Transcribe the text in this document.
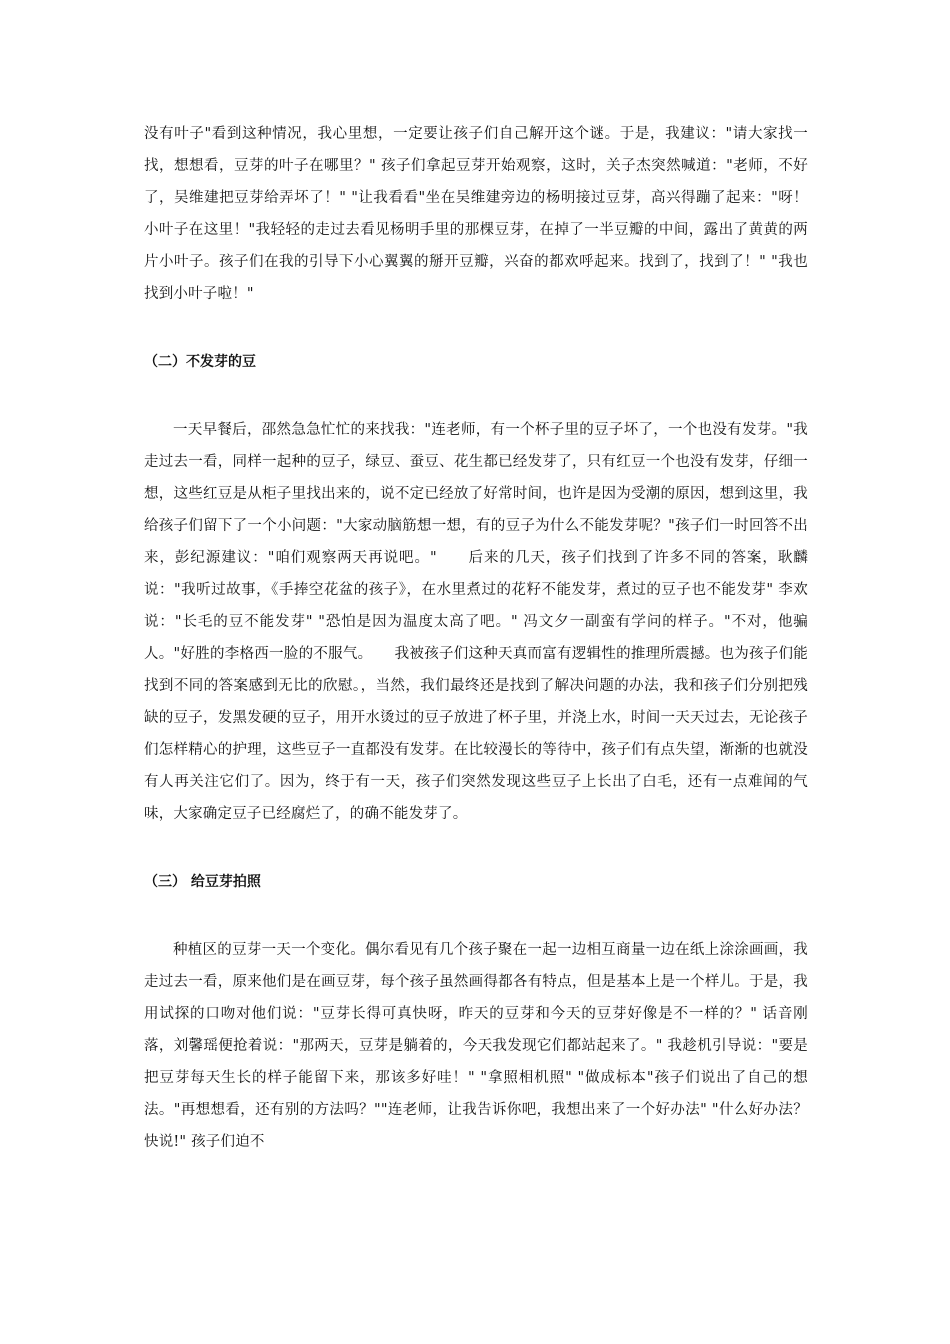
没有叶子"看到这种情况，我心里想，一定要让孩子们自己解开这个谜。于是，我建议："请大家找一找，想想看，豆芽的叶子在哪里？" 孩子们拿起豆芽开始观察，这时，关子杰突然喊道："老师，不好了，吴维建把豆芽给弄坏了！" "让我看看"坐在吴维建旁边的杨明接过豆芽，高兴得蹦了起来："呀！小叶子在这里！"我轻轻的走过去看见杨明手里的那棵豆芽，在掉了一半豆瓣的中间，露出了黄黄的两片小叶子。孩子们在我的引导下小心翼翼的掰开豆瓣，兴奋的都欢呼起来。找到了，找到了！" "我也找到小叶子啦！"

（二）不发芽的豆

一天早餐后，邵然急急忙忙的来找我："连老师，有一个杯子里的豆子坏了，一个也没有发芽。"我走过去一看，同样一起种的豆子，绿豆、蚕豆、花生都已经发芽了，只有红豆一个也没有发芽，仔细一想，这些红豆是从柜子里找出来的，说不定已经放了好常时间，也许是因为受潮的原因，想到这里，我给孩子们留下了一个小问题："大家动脑筋想一想，有的豆子为什么不能发芽呢？"孩子们一时回答不出来，彭纪源建议："咱们观察两天再说吧。"　　后来的几天，孩子们找到了许多不同的答案，耿麟说："我听过故事，《手捧空花盆的孩子》，在水里煮过的花籽不能发芽，煮过的豆子也不能发芽" 李欢说："长毛的豆不能发芽" "恐怕是因为温度太高了吧。" 冯文夕一副蛮有学问的样子。"不对，他骗人。"好胜的李格西一脸的不服气。　　我被孩子们这种天真而富有逻辑性的推理所震撼。也为孩子们能找到不同的答案感到无比的欣慰。，当然，我们最终还是找到了解决问题的办法，我和孩子们分别把残缺的豆子，发黑发硬的豆子，用开水烫过的豆子放进了杯子里，并浇上水，时间一天天过去，无论孩子们怎样精心的护理，这些豆子一直都没有发芽。在比较漫长的等待中，孩子们有点失望，渐渐的也就没有人再关注它们了。因为，终于有一天，孩子们突然发现这些豆子上长出了白毛，还有一点难闻的气味，大家确定豆子已经腐烂了，的确不能发芽了。

（三） 给豆芽拍照

种植区的豆芽一天一个变化。偶尔看见有几个孩子聚在一起一边相互商量一边在纸上涂涂画画，我走过去一看，原来他们是在画豆芽，每个孩子虽然画得都各有特点，但是基本上是一个样儿。于是，我用试探的口吻对他们说："豆芽长得可真快呀，昨天的豆芽和今天的豆芽好像是不一样的？" 话音刚落，刘馨瑶便抢着说："那两天，豆芽是躺着的，今天我发现它们都站起来了。" 我趁机引导说："要是把豆芽每天生长的样子能留下来，那该多好哇！" "拿照相机照" "做成标本"孩子们说出了自己的想法。"再想想看，还有别的方法吗？""连老师，让我告诉你吧，我想出来了一个好办法" "什么好办法？快说!" 孩子们迫不
